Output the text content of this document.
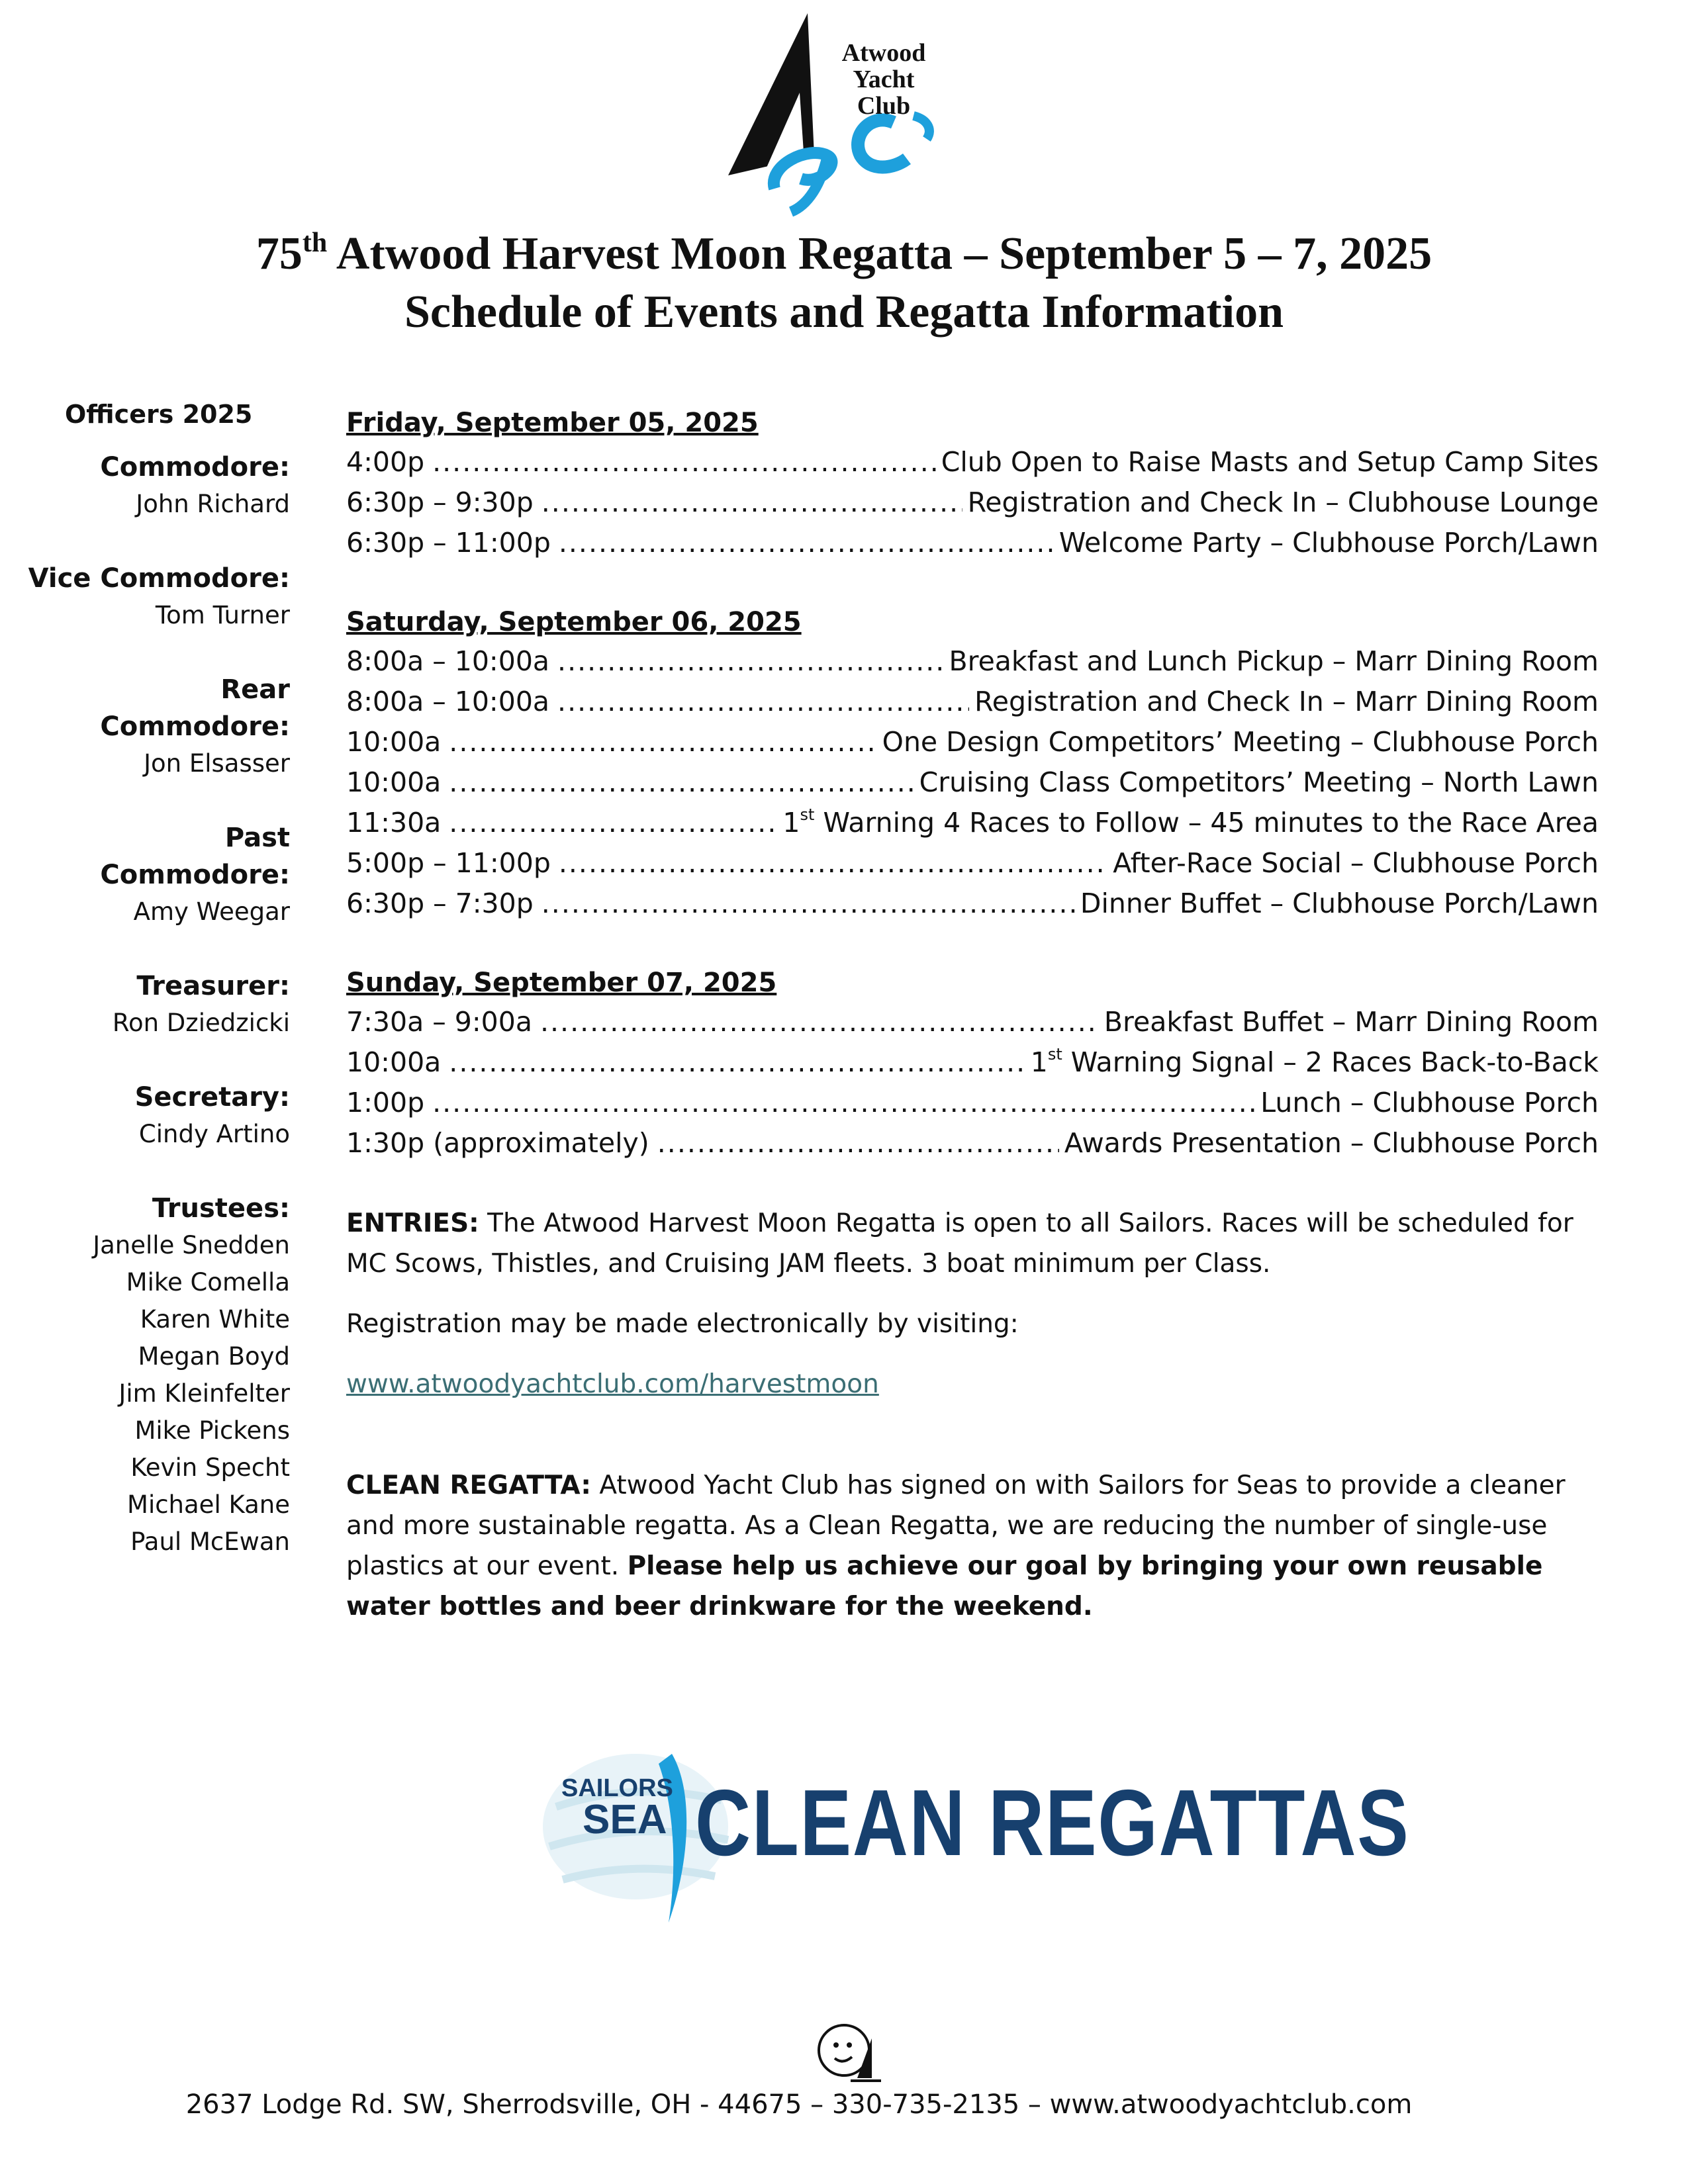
Atwood
Yacht
Club
75th Atwood Harvest Moon Regatta – September 5 – 7, 2025
Schedule of Events and Regatta Information
Officers 2025
Commodore:
John Richard
Vice Commodore:
Tom Turner
Rear Commodore:
Jon Elsasser
Past Commodore:
Amy Weegar
Treasurer:
Ron Dziedzicki
Secretary:
Cindy Artino
Trustees:
Janelle Snedden
Mike Comella
Karen White
Megan Boyd
Jim Kleinfelter
Mike Pickens
Kevin Specht
Michael Kane
Paul McEwan
Friday, September 05, 2025
4:00p .....	Club Open to Raise Masts and Setup Camp Sites
6:30p – 9:30p .....	Registration and Check In – Clubhouse Lounge
6:30p – 11:00p .....	Welcome Party – Clubhouse Porch/Lawn
Saturday, September 06, 2025
8:00a – 10:00a .....	Breakfast and Lunch Pickup – Marr Dining Room
8:00a – 10:00a .....	Registration and Check In – Marr Dining Room
10:00a .....	One Design Competitors’ Meeting – Clubhouse Porch
10:00a .....	Cruising Class Competitors’ Meeting – North Lawn
11:30a .....	1st Warning 4 Races to Follow – 45 minutes to the Race Area
5:00p – 11:00p .....	After-Race Social – Clubhouse Porch
6:30p – 7:30p .....	Dinner Buffet – Clubhouse Porch/Lawn
Sunday, September 07, 2025
7:30a – 9:00a .....	Breakfast Buffet – Marr Dining Room
10:00a .....	1st Warning Signal – 2 Races Back-to-Back
1:00p .....	Lunch – Clubhouse Porch
1:30p (approximately) .....	Awards Presentation – Clubhouse Porch
ENTRIES: The Atwood Harvest Moon Regatta is open to all Sailors. Races will be scheduled for MC Scows, Thistles, and Cruising JAM fleets. 3 boat minimum per Class.
Registration may be made electronically by visiting:
www.atwoodyachtclub.com/harvestmoon
CLEAN REGATTA: Atwood Yacht Club has signed on with Sailors for Seas to provide a cleaner and more sustainable regatta. As a Clean Regatta, we are reducing the number of single-use plastics at our event. Please help us achieve our goal by bringing your own reusable water bottles and beer drinkware for the weekend.
SAILORS
SEA CLEAN REGATTAS
2637 Lodge Rd. SW, Sherrodsville, OH - 44675 – 330-735-2135 – www.atwoodyachtclub.com
